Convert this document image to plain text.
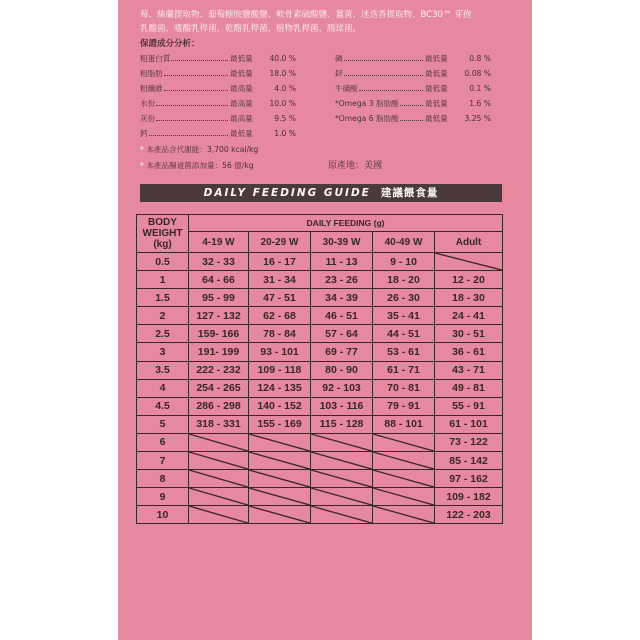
莓、絲蘭提取物、葡萄糖胺鹽酸鹽、軟骨素硫酸鹽、薑黃、迷迭香提取物、BC30™ 芽孢
乳酸菌、嗜酸乳桿菌、乾酪乳桿菌、植物乳桿菌、腸球菌。
保證成分分析：
粗蛋白質	最低量	40.0 %
粗脂肪	最低量	18.0 %
粗纖維	最高量	4.0 %
水份	最高量	10.0 %
灰份	最高量	9.5 %
鈣	最低量	1.0 %
磷	最低量	0.8 %
鋅	最低量	0.08 %
牛磺酸	最低量	0.1 %
*Omega 3 脂肪酸	最低量	1.6 %
*Omega 6 脂肪酸	最低量	3.25 %
* 本產品含代謝能：3,700 kcal/kg
* 本產品腸道菌添加量：56 億/kg	原產地：美國
DAILY FEEDING GUIDE 建議餵食量
BODY
WEIGHT
(kg)	DAILY FEEDING (g)				
	4-19 W	20-29 W	30-39 W	40-49 W	Adult
0.5	32 - 33	16 - 17	11 - 13	9 - 10	

1	64 - 66	31 - 34	23 - 26	18 - 20	12 - 20
1.5	95 - 99	47 - 51	34 - 39	26 - 30	18 - 30
2	127 - 132	62 - 68	46 - 51	35 - 41	24 - 41
2.5	159- 166	78 - 84	57 - 64	44 - 51	30 - 51
3	191- 199	93 - 101	69 - 77	53 - 61	36 - 61
3.5	222 - 232	109 - 118	80 - 90	61 - 71	43 - 71
4	254 - 265	124 - 135	92 - 103	70 - 81	49 - 81
4.5	286 - 298	140 - 152	103 - 116	79 - 91	55 - 91
5	318 - 331	155 - 169	115 - 128	88 - 101	61 - 101
6					73 - 122
7					85 - 142
8					97 - 162
9					109 - 182
10					122 - 203
